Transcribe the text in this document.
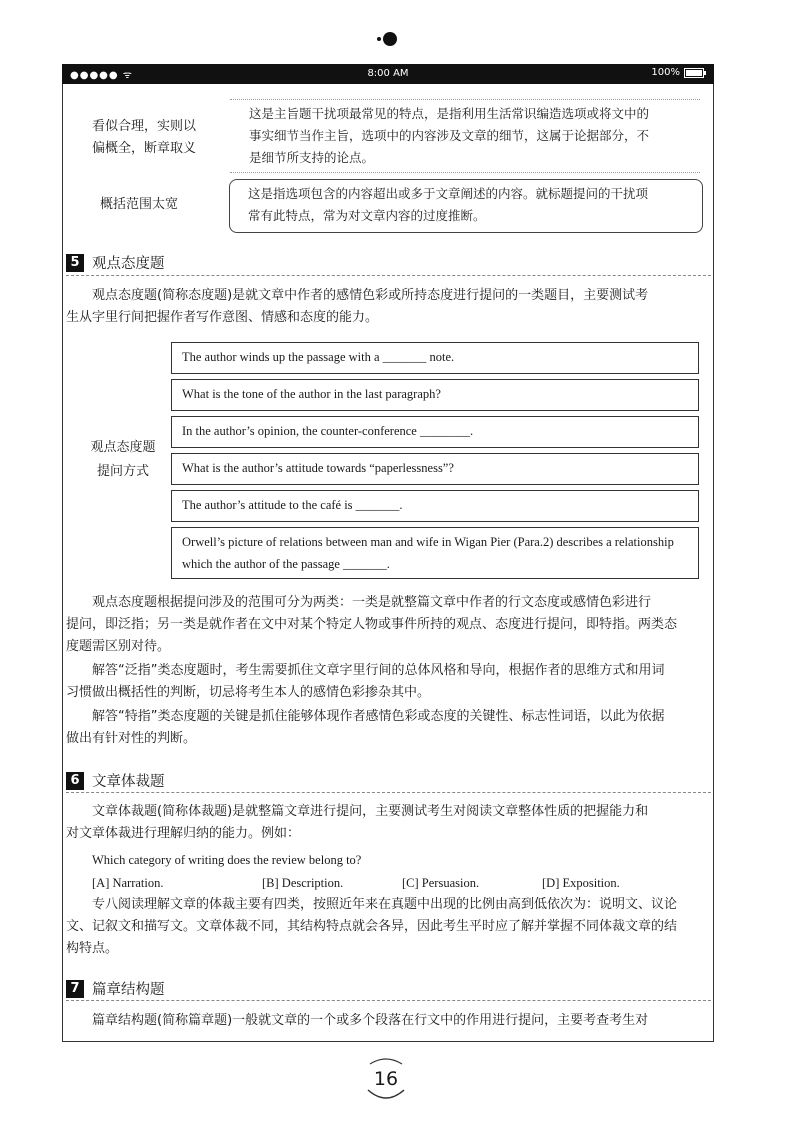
●●●●● ᯤ	8:00 AM	100%
看似合理，实则以
偏概全，断章取义
这是主旨题干扰项最常见的特点，是指利用生活常识编造选项或将文中的
事实细节当作主旨，选项中的内容涉及文章的细节，这属于论据部分，不
是细节所支持的论点。
概括范围太宽
这是指选项包含的内容超出或多于文章阐述的内容。就标题提问的干扰项
常有此特点，常为对文章内容的过度推断。
5 观点态度题
观点态度题(简称态度题)是就文章中作者的感情色彩或所持态度进行提问的一类题目，主要测试考
生从字里行间把握作者写作意图、情感和态度的能力。
观点态度题
提问方式
The author winds up the passage with a _______ note.
What is the tone of the author in the last paragraph?
In the author’s opinion, the counter-conference ________.
What is the author’s attitude towards “paperlessness”?
The author’s attitude to the café is _______.
Orwell’s picture of relations between man and wife in Wigan Pier (Para.2) describes a relationship which the author of the passage _______.
观点态度题根据提问涉及的范围可分为两类：一类是就整篇文章中作者的行文态度或感情色彩进行
提问，即泛指；另一类是就作者在文中对某个特定人物或事件所持的观点、态度进行提问，即特指。两类态
度题需区别对待。
解答“泛指”类态度题时，考生需要抓住文章字里行间的总体风格和导向，根据作者的思维方式和用词
习惯做出概括性的判断，切忌将考生本人的感情色彩掺杂其中。
解答“特指”类态度题的关键是抓住能够体现作者感情色彩或态度的关键性、标志性词语，以此为依据
做出有针对性的判断。
6 文章体裁题
文章体裁题(简称体裁题)是就整篇文章进行提问，主要测试考生对阅读文章整体性质的把握能力和
对文章体裁进行理解归纳的能力。例如：
Which category of writing does the review belong to?
[A] Narration.	[B] Description.	[C] Persuasion.	[D] Exposition.
专八阅读理解文章的体裁主要有四类，按照近年来在真题中出现的比例由高到低依次为：说明文、议论
文、记叙文和描写文。文章体裁不同，其结构特点就会各异，因此考生平时应了解并掌握不同体裁文章的结
构特点。
7 篇章结构题
篇章结构题(简称篇章题)一般就文章的一个或多个段落在行文中的作用进行提问，主要考查考生对
16
